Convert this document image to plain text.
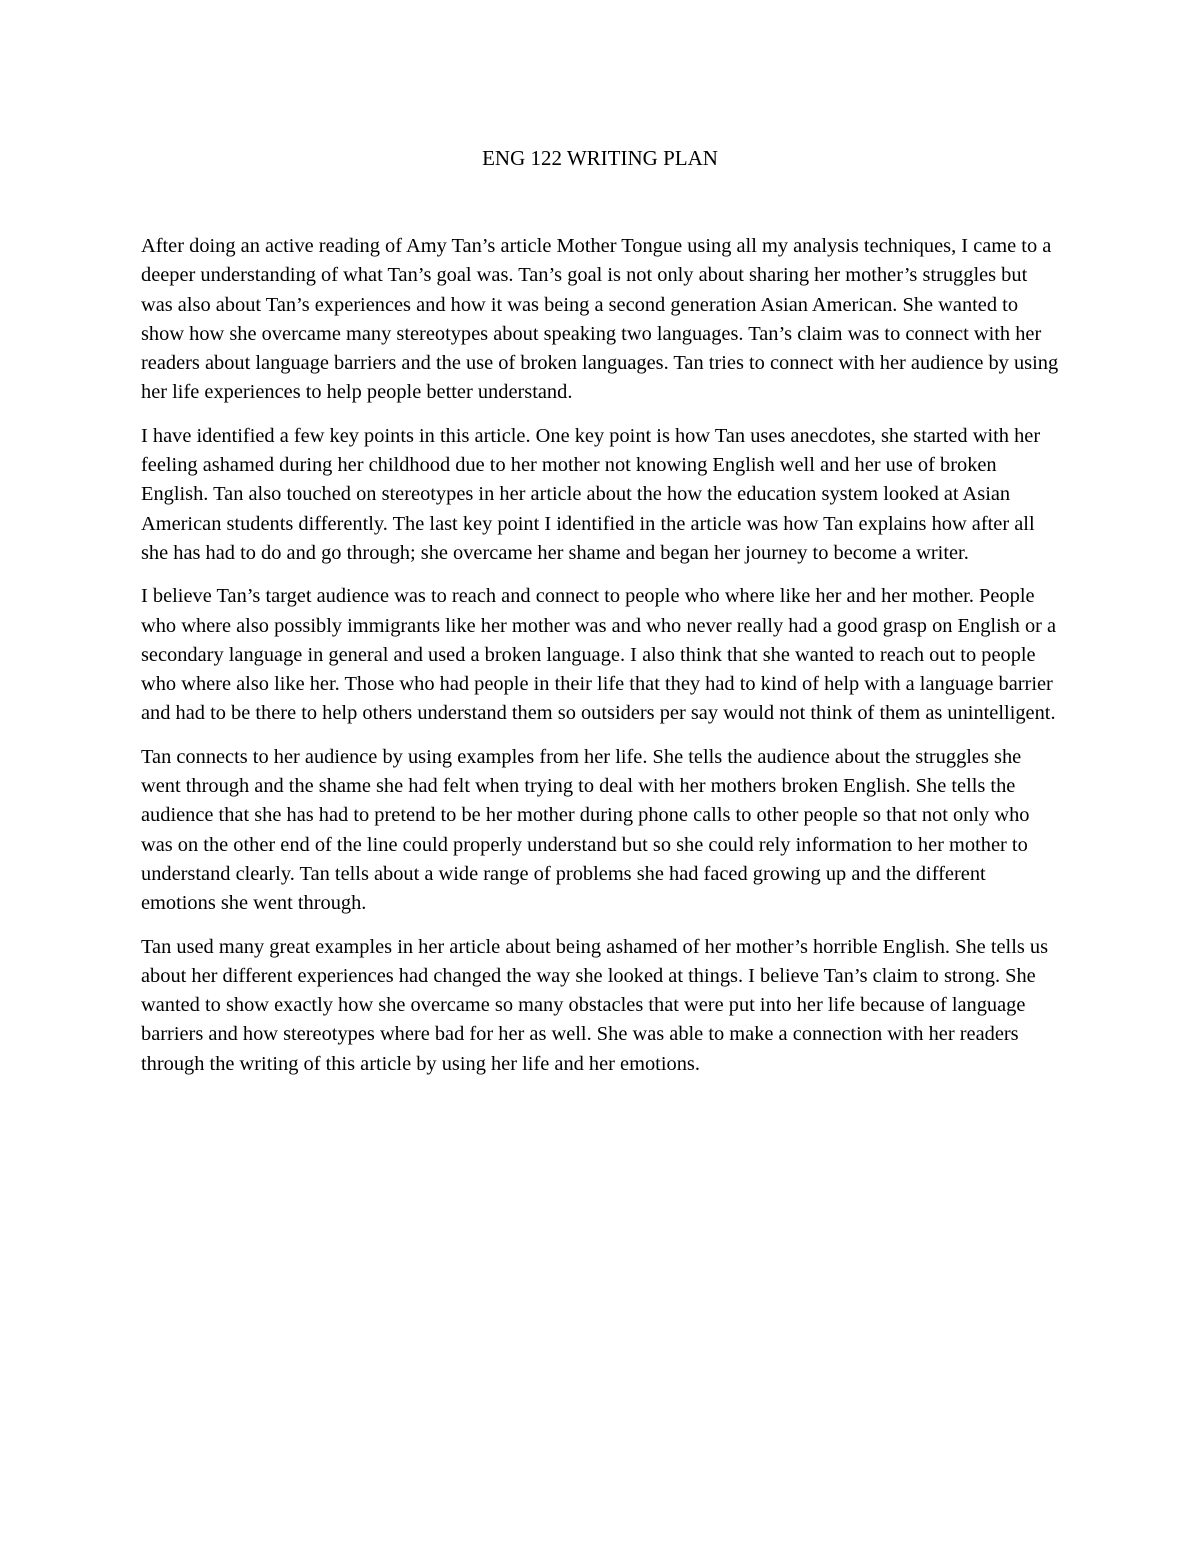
ENG 122 WRITING PLAN

After doing an active reading of Amy Tan’s article Mother Tongue using all my analysis techniques, I came to a deeper understanding of what Tan’s goal was. Tan’s goal is not only about sharing her mother’s struggles but was also about Tan’s experiences and how it was being a second generation Asian American. She wanted to show how she overcame many stereotypes about speaking two languages. Tan’s claim was to connect with her readers about language barriers and the use of broken languages. Tan tries to connect with her audience by using her life experiences to help people better understand.

I have identified a few key points in this article. One key point is how Tan uses anecdotes, she started with her feeling ashamed during her childhood due to her mother not knowing English well and her use of broken English. Tan also touched on stereotypes in her article about the how the education system looked at Asian American students differently. The last key point I identified in the article was how Tan explains how after all she has had to do and go through; she overcame her shame and began her journey to become a writer.

I believe Tan’s target audience was to reach and connect to people who where like her and her mother. People who where also possibly immigrants like her mother was and who never really had a good grasp on English or a secondary language in general and used a broken language. I also think that she wanted to reach out to people who where also like her. Those who had people in their life that they had to kind of help with a language barrier and had to be there to help others understand them so outsiders per say would not think of them as unintelligent.

Tan connects to her audience by using examples from her life. She tells the audience about the struggles she went through and the shame she had felt when trying to deal with her mothers broken English. She tells the audience that she has had to pretend to be her mother during phone calls to other people so that not only who was on the other end of the line could properly understand but so she could rely information to her mother to understand clearly. Tan tells about a wide range of problems she had faced growing up and the different emotions she went through.

Tan used many great examples in her article about being ashamed of her mother’s horrible English. She tells us about her different experiences had changed the way she looked at things. I believe Tan’s claim to strong. She wanted to show exactly how she overcame so many obstacles that were put into her life because of language barriers and how stereotypes where bad for her as well. She was able to make a connection with her readers through the writing of this article by using her life and her emotions.
